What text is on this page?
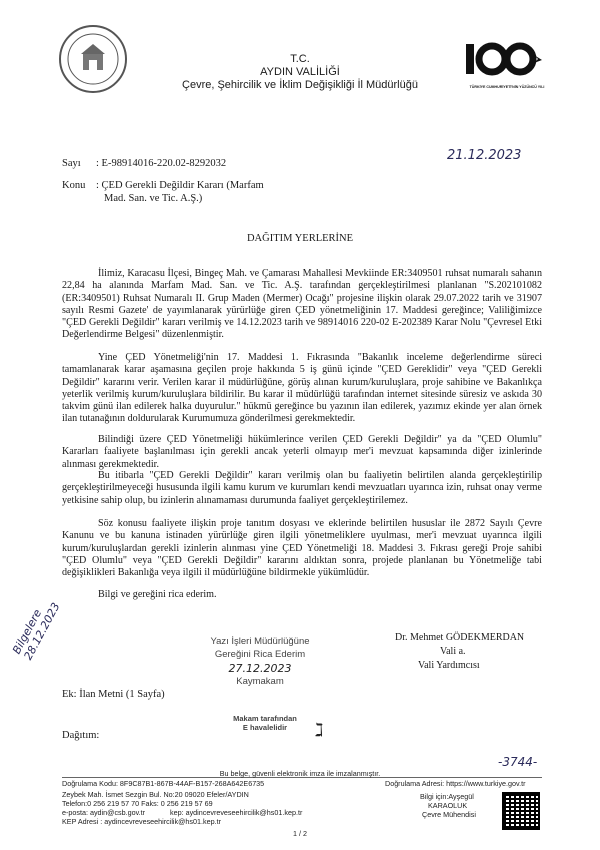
T.C.
AYDIN VALİLİĞİ
Çevre, Şehircilik ve İklim Değişikliği İl Müdürlüğü	TÜRKİYE CUMHURİYETİ'NİN YÜZÜNCÜ YILI
21.12.2023
Sayı : E-98914016-220.02-8292032
Konu : ÇED Gerekli Değildir Kararı (Marfam
Mad. San. ve Tic. A.Ş.)
DAĞITIM YERLERİNE
İlimiz, Karacasu İlçesi, Bingeç Mah. ve Çamarası Mahallesi Mevkiinde ER:3409501 ruhsat numaralı sahanın 22,84 ha alanında Marfam Mad. San. ve Tic. A.Ş. tarafından gerçekleştirilmesi planlanan "S.202101082 (ER:3409501) Ruhsat Numaralı II. Grup Maden (Mermer) Ocağı" projesine ilişkin olarak 29.07.2022 tarih ve 31907 sayılı Resmi Gazete' de yayımlanarak yürürlüğe giren ÇED yönetmeliğinin 17. Maddesi gereğince; Valiliğimizce "ÇED Gerekli Değildir" kararı verilmiş ve 14.12.2023 tarih ve 98914016 220-02 E-202389 Karar Nolu "Çevresel Etki Değerlendirme Belgesi" düzenlenmiştir.
Yine ÇED Yönetmeliği'nin 17. Maddesi 1. Fıkrasında "Bakanlık inceleme değerlendirme süreci tamamlanarak karar aşamasına geçilen proje hakkında 5 iş günü içinde "ÇED Gereklidir" veya "ÇED Gerekli Değildir" kararını verir. Verilen karar il müdürlüğüne, görüş alınan kurum/kuruluşlara, proje sahibine ve Bakanlıkça yeterlik verilmiş kurum/kuruluşlara bildirilir. Bu karar il müdürlüğü tarafından internet sitesinde süresiz ve askıda 30 takvim günü ilan edilerek halka duyurulur." hükmü gereğince bu yazının ilan edilerek, yazımız ekinde yer alan örnek ilan tutanağının doldurularak Kurumumuza gönderilmesi gerekmektedir.
Bilindiği üzere ÇED Yönetmeliği hükümlerince verilen ÇED Gerekli Değildir" ya da "ÇED Olumlu" Kararları faaliyete başlanılması için gerekli ancak yeterli olmayıp mer'i mevzuat kapsamında diğer izinlerinde alınması gerekmektedir.
Bu itibarla "ÇED Gerekli Değildir" kararı verilmiş olan bu faaliyetin belirtilen alanda gerçekleştirilip gerçekleştirilmeyeceği hususunda ilgili kamu kurum ve kurumları kendi mevzuatları uyarınca izin, ruhsat onay verme yetkisine sahip olup, bu izinlerin alınamaması durumunda faaliyet gerçekleştirilemez.
Söz konusu faaliyete ilişkin proje tanıtım dosyası ve eklerinde belirtilen hususlar ile 2872 Sayılı Çevre Kanunu ve bu kanuna istinaden yürürlüğe giren ilgili yönetmeliklere uyulması, mer'i mevzuat uyarınca ilgili kurum/kuruluşlardan gerekli izinlerin alınması yine ÇED Yönetmeliği 18. Maddesi 3. Fıkrası gereği Proje sahibi "ÇED Olumlu" veya "ÇED Gerekli Değildir" kararını aldıktan sonra, projede planlanan bu Yönetmeliğe tabi değişiklikleri Bakanlığa veya ilgili il müdürlüğüne bildirmekle yükümlüdür.
Bilgi ve gereğini rica ederim.
Dr. Mehmet GÖDEKMERDAN
Vali a.
Vali Yardımcısı
Yazı İşleri Müdürlüğüne
Gereğini Rica Ederim
27.12.2023
Kaymakam
Makam tarafından
E havalelidir	ℷ
Bilgelere 28.12.2023
Ek: İlan Metni (1 Sayfa)
Dağıtım:
-3744-
Bu belge, güvenli elektronik imza ile imzalanmıştır.
Doğrulama Kodu: 8F9C87B1-867B-44AF-B157-268A642E6735	Doğrulama Adresi: https://www.turkiye.gov.tr
Zeybek Mah. İsmet Sezgin Bul. No:20 09020 Efeler/AYDIN
Telefon:0 256 219 57 70 Faks: 0 256 219 57 69
e-posta: aydin@csb.gov.tr	kep: aydincevreveseehircilik@hs01.kep.tr
KEP Adresi : aydincevreveseehircilik@hs01.kep.tr
Bilgi için:Ayşegül
KARAOLUK
Çevre Mühendisi
1 / 2
